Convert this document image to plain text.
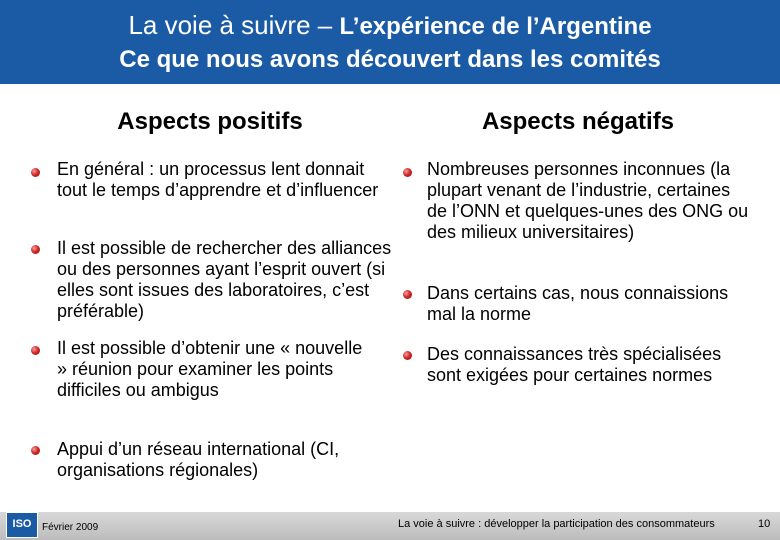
La voie à suivre – L’expérience de l’Argentine
Ce que nous avons découvert dans les comités
Aspects positifs	Aspects négatifs
En général : un processus lent donnait tout le temps d’apprendre et d’influencer
Il est possible de rechercher des alliances ou des personnes ayant l’esprit ouvert (si elles sont issues des laboratoires, c’est préférable)
Il est possible d’obtenir une « nouvelle » réunion pour examiner les points difficiles ou ambigus
Appui d’un réseau international (CI, organisations régionales)
Nombreuses personnes inconnues (la plupart venant de l’industrie, certaines de l’ONN et quelques-unes des ONG ou des milieux universitaires)
Dans certains cas, nous connaissions mal la norme
Des connaissances très spécialisées sont exigées pour certaines normes
ISO	Février 2009	La voie à suivre : développer la participation des consommateurs	10
